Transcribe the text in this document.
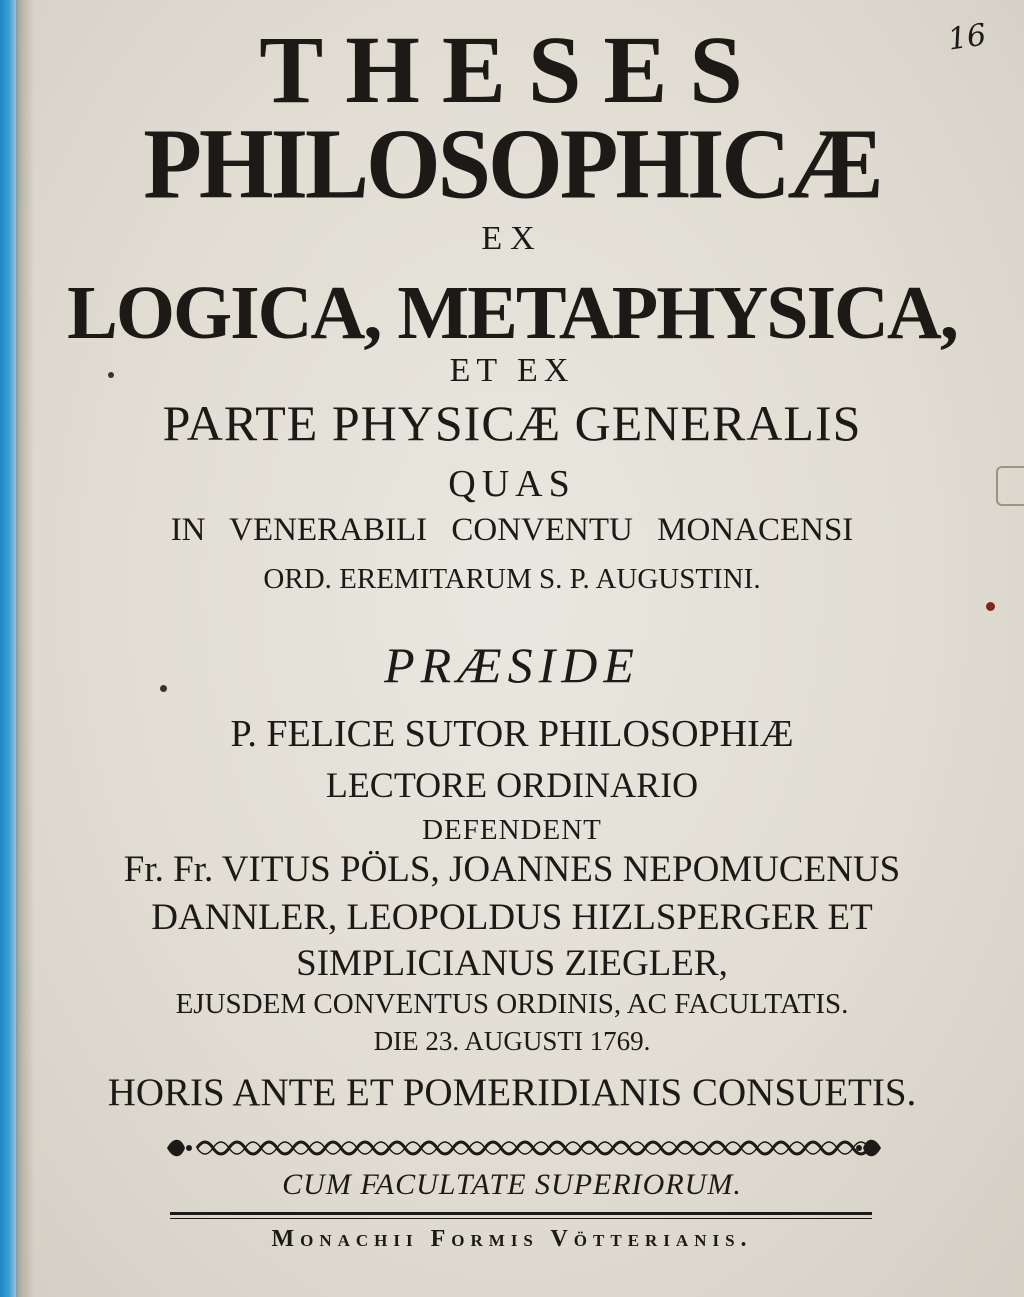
16
THESES
PHILOSOPHICÆ
EX
LOGICA, METAPHYSICA,
ET EX
PARTE PHYSICÆ GENERALIS
QUAS
IN VENERABILI CONVENTU MONACENSI
ORD. EREMITARUM S. P. AUGUSTINI.
PRÆSIDE
P. FELICE SUTOR PHILOSOPHIÆ
LECTORE ORDINARIO
DEFENDENT
Fr. Fr. VITUS PÖLS, JOANNES NEPOMUCENUS
DANNLER, LEOPOLDUS HIZLSPERGER ET
SIMPLICIANUS ZIEGLER,
EJUSDEM CONVENTUS ORDINIS, AC FACULTATIS.
DIE 23. AUGUSTI 1769.
HORIS ANTE ET POMERIDIANIS CONSUETIS.
CUM FACULTATE SUPERIORUM.
Monachii Formis Vötterianis.
